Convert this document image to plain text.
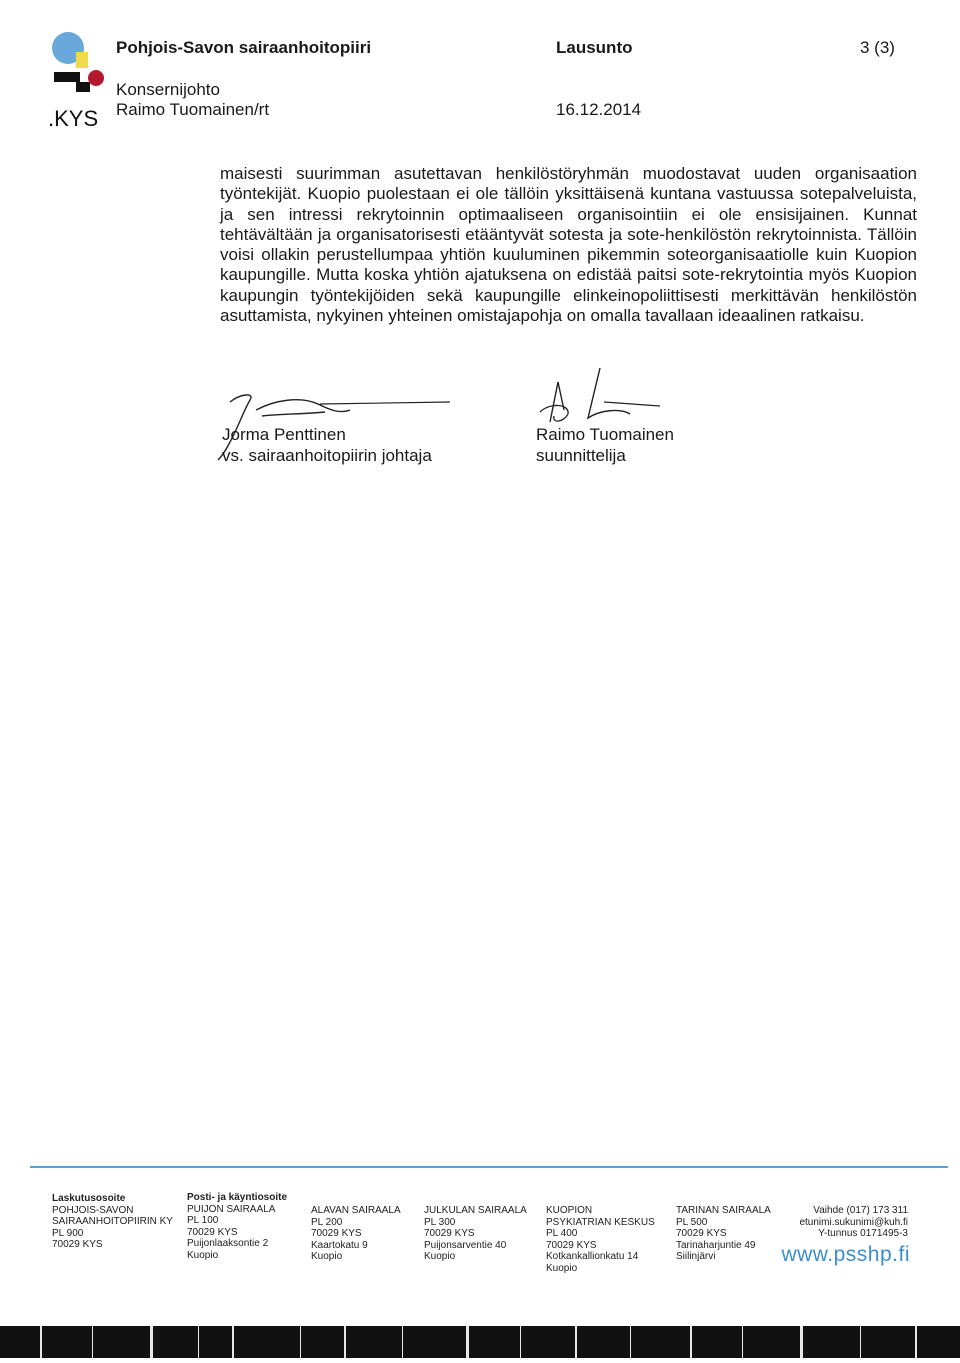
.KYS
Pohjois-Savon sairaanhoitopiiri	Lausunto	3 (3)
Konsernijohto
Raimo Tuomainen/rt	16.12.2014

maisesti suurimman asutettavan henkilöstöryhmän muodostavat uuden organisaation työntekijät. Kuopio puolestaan ei ole tällöin yksittäisenä kuntana vastuussa sotepalveluista, ja sen intressi rekrytoinnin optimaaliseen organisointiin ei ole ensisijainen. Kunnat tehtävältään ja organisatorisesti etääntyvät sotesta ja sote-henkilöstön rekrytoinnista. Tällöin voisi ollakin perustellumpaa yhtiön kuuluminen pikemmin soteorganisaatiolle kuin Kuopion kaupungille. Mutta koska yhtiön ajatuksena on edistää paitsi sote-rekrytointia myös Kuopion kaupungin työntekijöiden sekä kaupungille elinkeinopoliittisesti merkittävän henkilöstön asuttamista, nykyinen yhteinen omistajapohja on omalla tavallaan ideaalinen ratkaisu.

Jorma Penttinen
vs. sairaanhoitopiirin johtaja
Raimo Tuomainen
suunnittelija
Laskutusosoite
POHJOIS-SAVON
SAIRAANHOITOPIIRIN KY
PL 900
70029 KYS
Posti- ja käyntiosoite
PUIJON SAIRAALA
PL 100
70029 KYS
Puijonlaaksontie 2
Kuopio
ALAVAN SAIRAALA
PL 200
70029 KYS
Kaartokatu 9
Kuopio
JULKULAN SAIRAALA
PL 300
70029 KYS
Puijonsarventie 40
Kuopio
KUOPION
PSYKIATRIAN KESKUS
PL 400
70029 KYS
Kotkankallionkatu 14
Kuopio
TARINAN SAIRAALA
PL 500
70029 KYS
Tarinaharjuntie 49
Siilinjärvi
Vaihde (017) 173 311
etunimi.sukunimi@kuh.fi
Y-tunnus 0171495-3
www.psshp.fi
